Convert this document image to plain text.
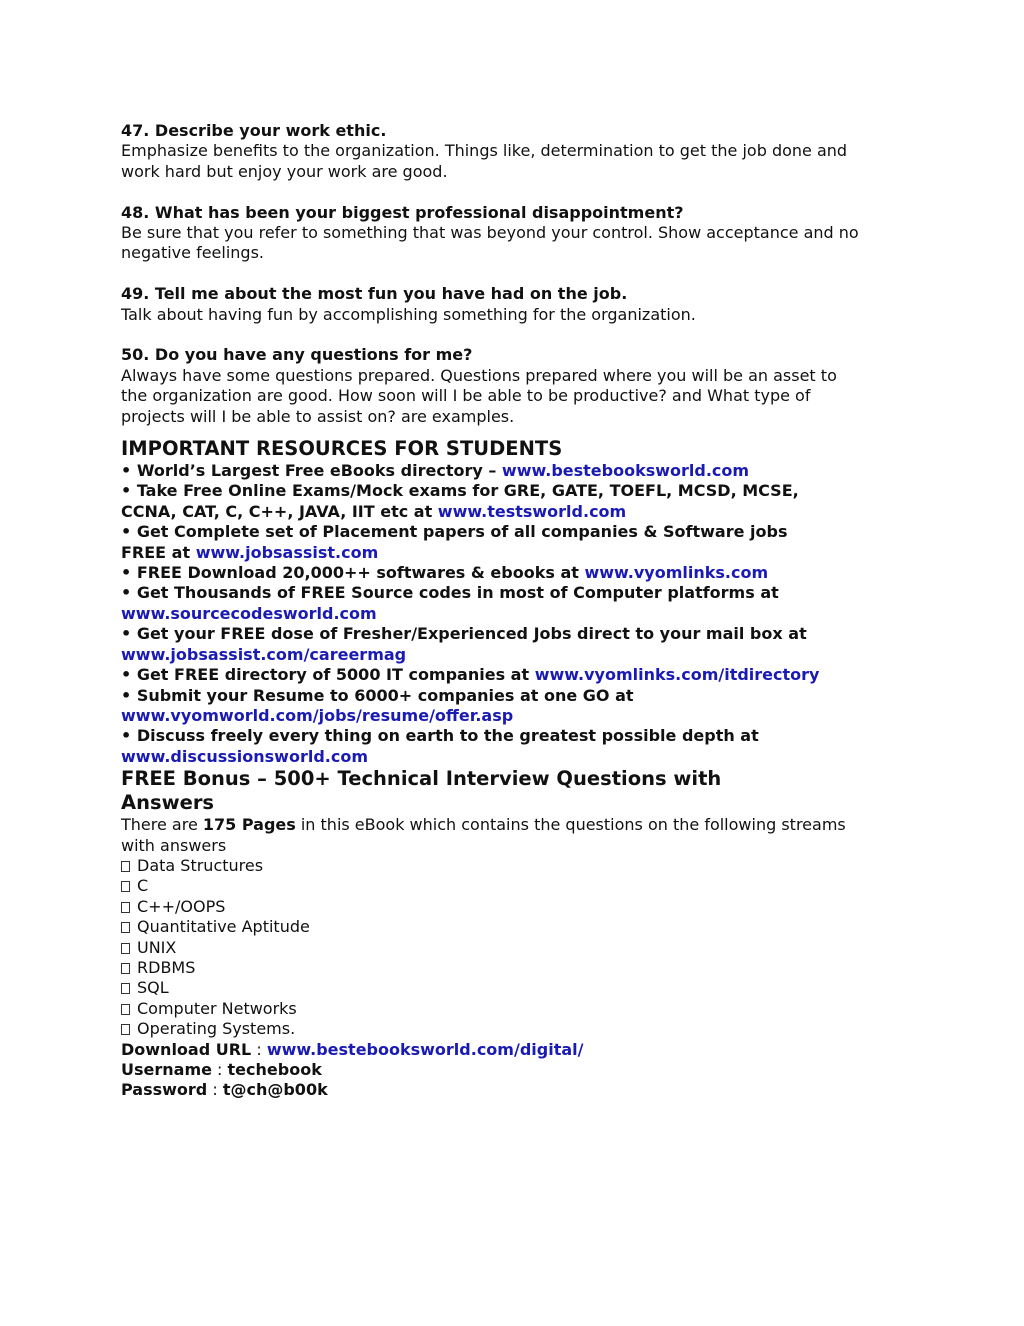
47. Describe your work ethic.
Emphasize benefits to the organization. Things like, determination to get the job done and
work hard but enjoy your work are good.
48. What has been your biggest professional disappointment?
Be sure that you refer to something that was beyond your control. Show acceptance and no
negative feelings.
49. Tell me about the most fun you have had on the job.
Talk about having fun by accomplishing something for the organization.
50. Do you have any questions for me?
Always have some questions prepared. Questions prepared where you will be an asset to
the organization are good. How soon will I be able to be productive? and What type of
projects will I be able to assist on? are examples.
IMPORTANT RESOURCES FOR STUDENTS
• World’s Largest Free eBooks directory – www.bestebooksworld.com
• Take Free Online Exams/Mock exams for GRE, GATE, TOEFL, MCSD, MCSE,
CCNA, CAT, C, C++, JAVA, IIT etc at www.testsworld.com
• Get Complete set of Placement papers of all companies & Software jobs
FREE at www.jobsassist.com
• FREE Download 20,000++ softwares & ebooks at www.vyomlinks.com
• Get Thousands of FREE Source codes in most of Computer platforms at
www.sourcecodesworld.com
• Get your FREE dose of Fresher/Experienced Jobs direct to your mail box at
www.jobsassist.com/careermag
• Get FREE directory of 5000 IT companies at www.vyomlinks.com/itdirectory
• Submit your Resume to 6000+ companies at one GO at
www.vyomworld.com/jobs/resume/offer.asp
• Discuss freely every thing on earth to the greatest possible depth at
www.discussionsworld.com
FREE Bonus – 500+ Technical Interview Questions with
Answers
There are 175 Pages in this eBook which contains the questions on the following streams
with answers
Data Structures
C
C++/OOPS
Quantitative Aptitude
UNIX
RDBMS
SQL
Computer Networks
Operating Systems.
Download URL : www.bestebooksworld.com/digital/
Username : techebook
Password : t@ch@b00k
